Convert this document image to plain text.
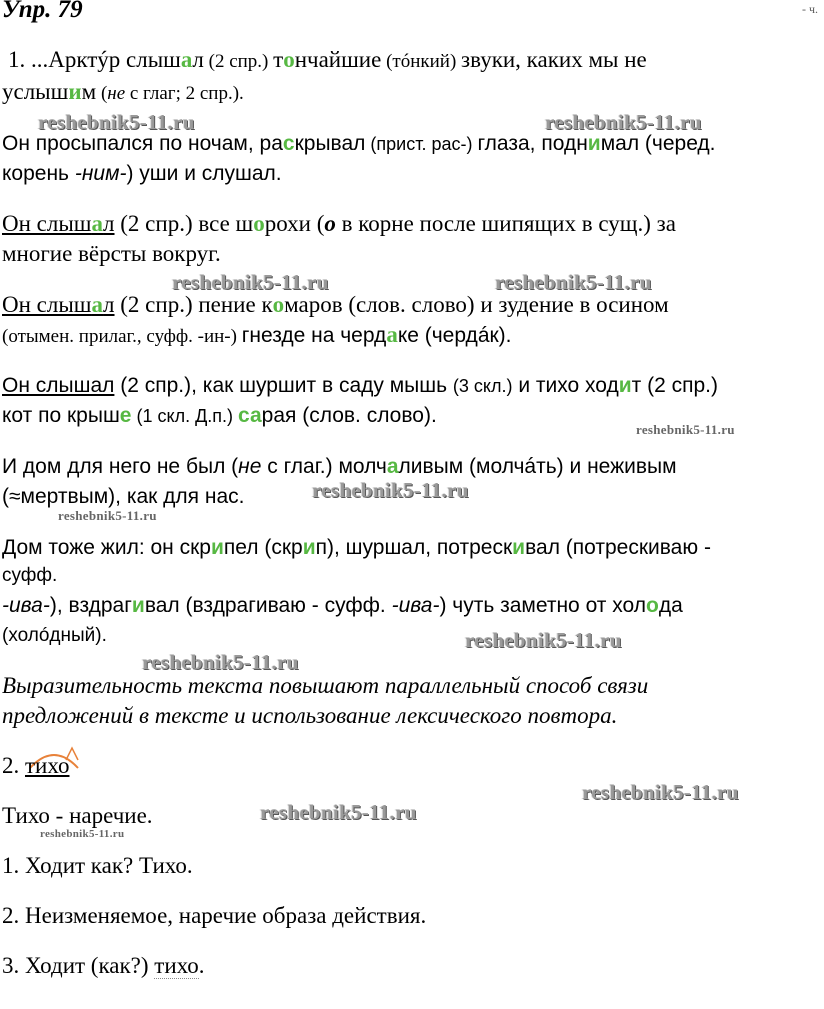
Упр. 79	- ч.
1. ...Арктýр слышал (2 спр.) тончайшие (тóнкий) звуки, каких мы не
услышим (не с глаг; 2 спр.).
Он просыпался по ночам, раскрывал (прист. рас-) глаза, поднимал (черед.
корень -ним-) уши и слушал.
Он слышал (2 спр.) все шорохи (о в корне после шипящих в сущ.) за
многие вёрсты вокруг.
Он слышал (2 спр.) пение комаров (слов. слово) и зудение в осином
(отымен. прилаг., суфф. -ин-) гнезде на чердаке (чердáк).
Он слышал (2 спр.), как шуршит в саду мышь (3 скл.) и тихо ходит (2 спр.)
кот по крыше (1 скл. Д.п.) сарая (слов. слово).
И дом для него не был (не с глаг.) молчаливым (молчáть) и неживым
(≈мертвым), как для нас.
Дом тоже жил: он скрипел (скрип), шуршал, потрескивал (потрескиваю -
суфф.
-ива-), вздрагивал (вздрагиваю - суфф. -ива-) чуть заметно от холода
(холóдный).
Выразительность текста повышают параллельный способ связи
предложений в тексте и использование лексического повтора.
2. тихо
Тихо - наречие.
1. Ходит как? Тихо.
2. Неизменяемое, наречие образа действия.
3. Ходит (как?) тихо.
reshebnik5-11.ru	reshebnik5-11.ru
reshebnik5-11.ru	reshebnik5-11.ru
reshebnik5-11.ru
reshebnik5-11.ru
reshebnik5-11.ru
reshebnik5-11.ru
reshebnik5-11.ru
reshebnik5-11.ru
reshebnik5-11.ru
reshebnik5-11.ru
